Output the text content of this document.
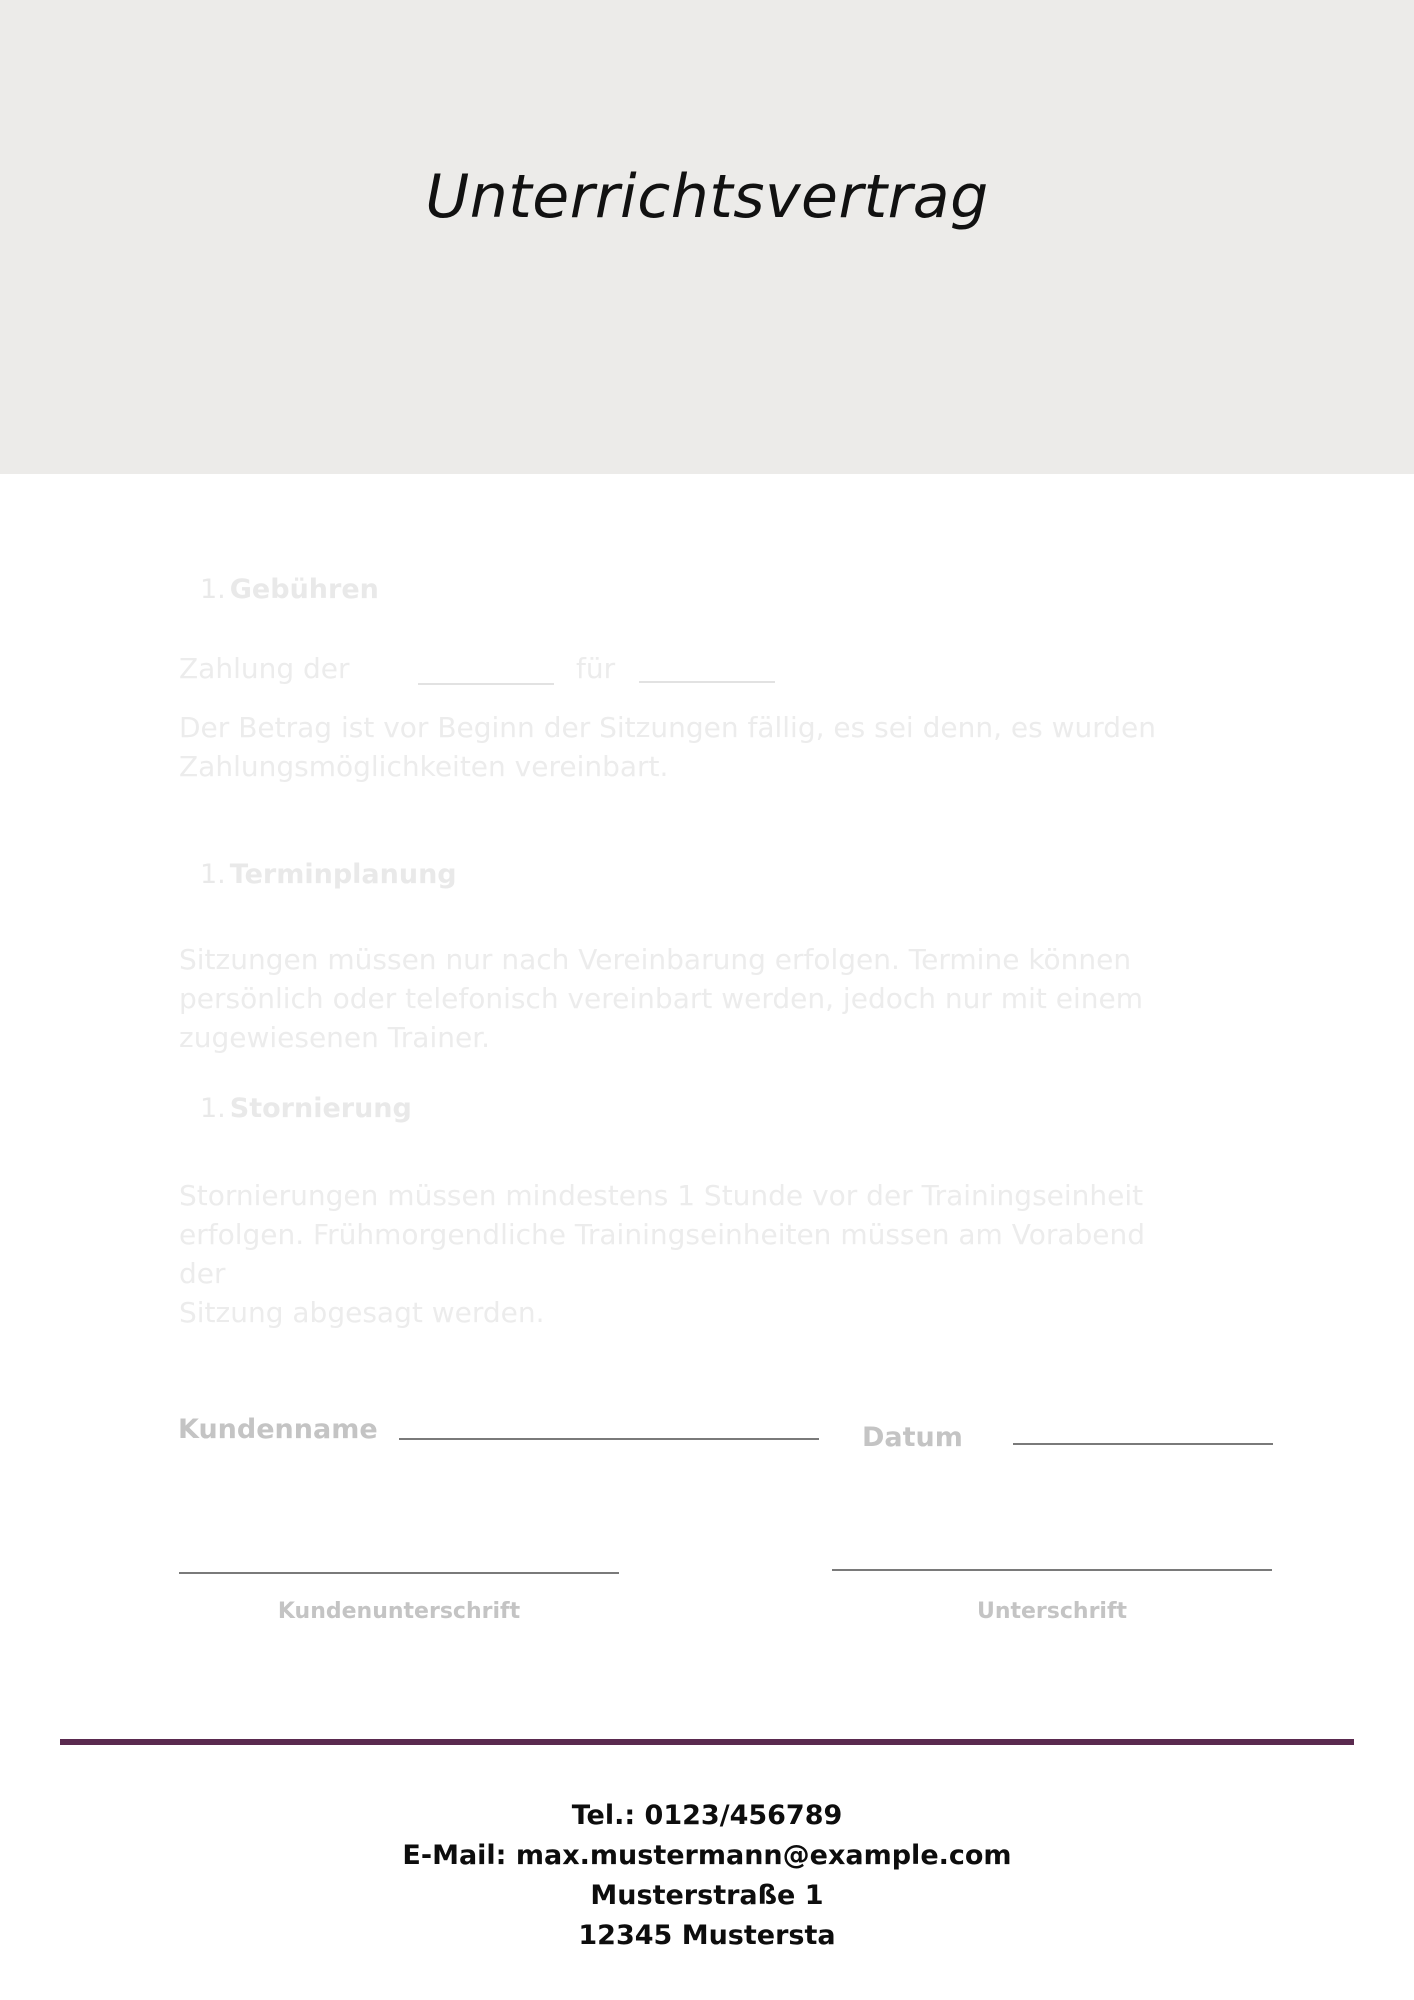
Unterrichtsvertrag
1. Gebühren
Zahlung der	für
Der Betrag ist vor Beginn der Sitzungen fällig, es sei denn, es wurden
Zahlungsmöglichkeiten vereinbart.
1. Terminplanung
Sitzungen müssen nur nach Vereinbarung erfolgen. Termine können
persönlich oder telefonisch vereinbart werden, jedoch nur mit einem
zugewiesenen Trainer.
1. Stornierung
Stornierungen müssen mindestens 1 Stunde vor der Trainingseinheit
erfolgen. Frühmorgendliche Trainingseinheiten müssen am Vorabend der
Sitzung abgesagt werden.
Kundenname	Datum
Kundenunterschrift	Unterschrift
Tel.: 0123/456789
E-Mail: max.mustermann@example.com
Musterstraße 1
12345 Mustersta
